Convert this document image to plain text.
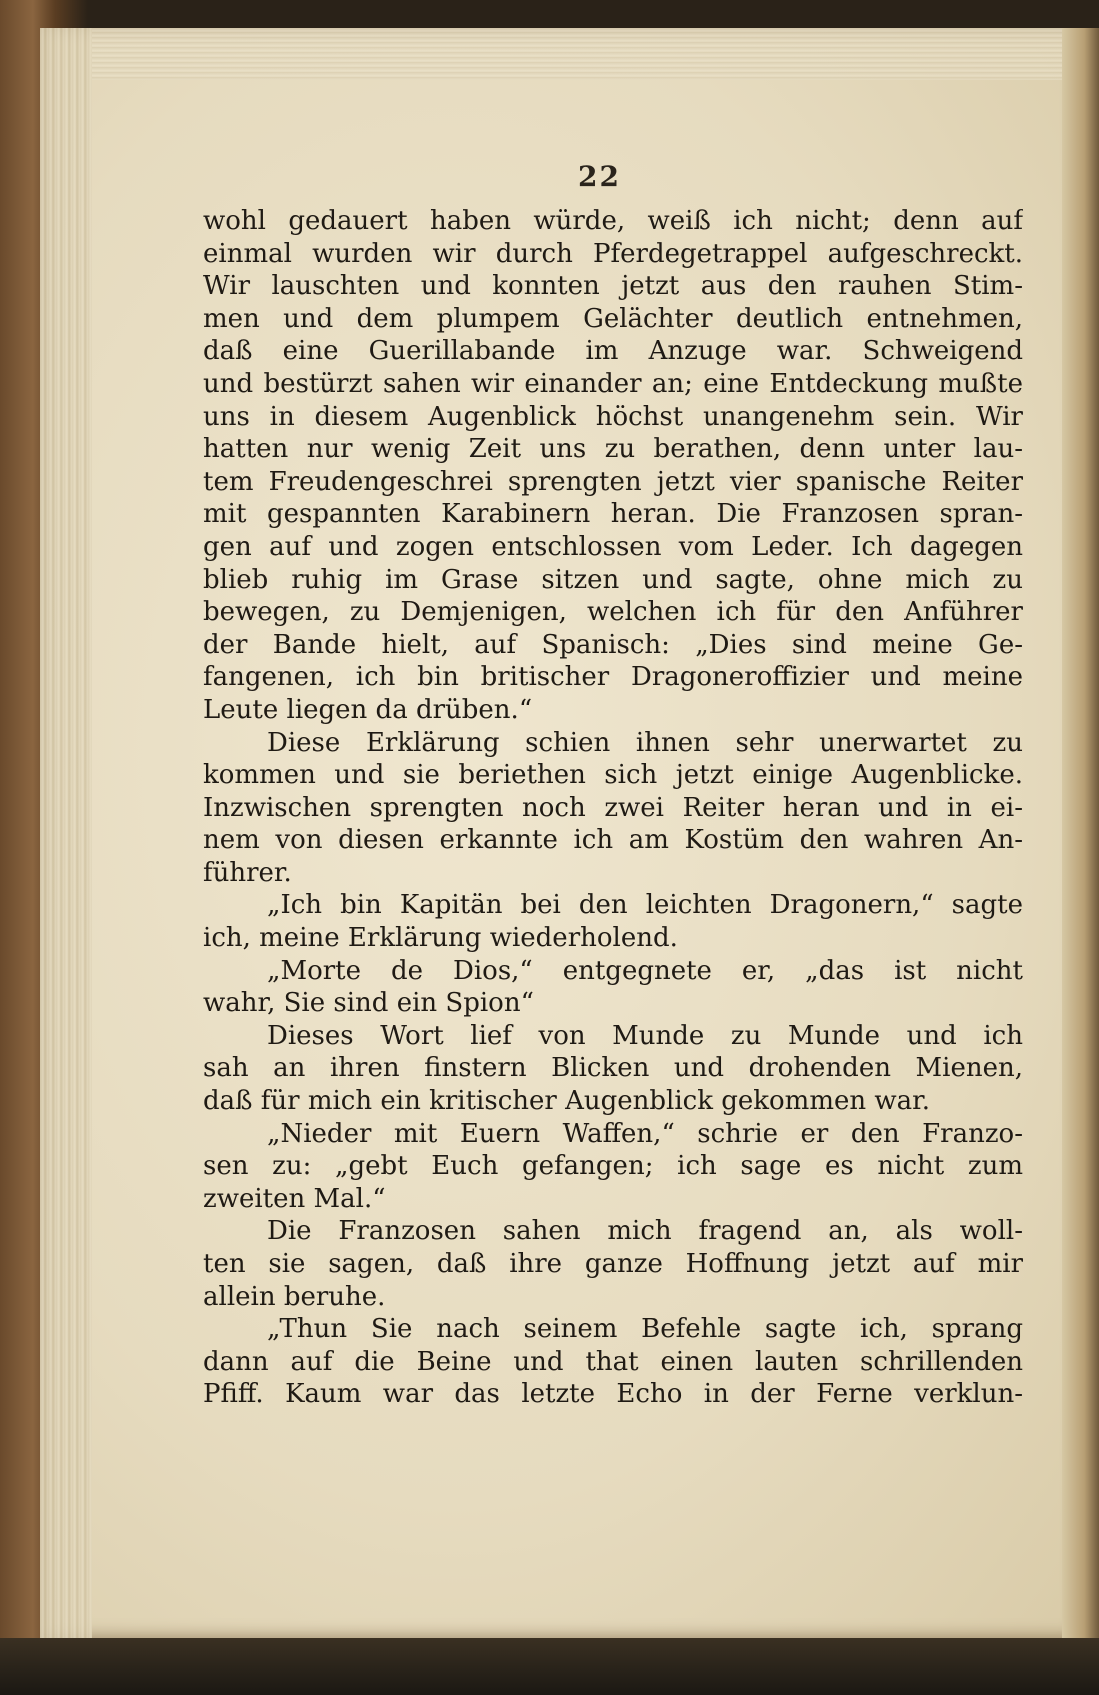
22
wohl gedauert haben würde, weiß ich nicht; denn auf
einmal wurden wir durch Pferdegetrappel aufgeschreckt.
Wir lauschten und konnten jetzt aus den rauhen Stim-
men und dem plumpem Gelächter deutlich entnehmen,
daß eine Guerillabande im Anzuge war. Schweigend
und bestürzt sahen wir einander an; eine Entdeckung mußte
uns in diesem Augenblick höchst unangenehm sein. Wir
hatten nur wenig Zeit uns zu berathen, denn unter lau-
tem Freudengeschrei sprengten jetzt vier spanische Reiter
mit gespannten Karabinern heran. Die Franzosen spran-
gen auf und zogen entschlossen vom Leder. Ich dagegen
blieb ruhig im Grase sitzen und sagte, ohne mich zu
bewegen, zu Demjenigen, welchen ich für den Anführer
der Bande hielt, auf Spanisch: „Dies sind meine Ge-
fangenen, ich bin britischer Dragoneroffizier und meine
Leute liegen da drüben.“
Diese Erklärung schien ihnen sehr unerwartet zu
kommen und sie beriethen sich jetzt einige Augenblicke.
Inzwischen sprengten noch zwei Reiter heran und in ei-
nem von diesen erkannte ich am Kostüm den wahren An-
führer.
„Ich bin Kapitän bei den leichten Dragonern,“ sagte
ich, meine Erklärung wiederholend.
„Morte de Dios,“ entgegnete er, „das ist nicht
wahr, Sie sind ein Spion“
Dieses Wort lief von Munde zu Munde und ich
sah an ihren finstern Blicken und drohenden Mienen,
daß für mich ein kritischer Augenblick gekommen war.
„Nieder mit Euern Waffen,“ schrie er den Franzo-
sen zu: „gebt Euch gefangen; ich sage es nicht zum
zweiten Mal.“
Die Franzosen sahen mich fragend an, als woll-
ten sie sagen, daß ihre ganze Hoffnung jetzt auf mir
allein beruhe.
„Thun Sie nach seinem Befehle sagte ich, sprang
dann auf die Beine und that einen lauten schrillenden
Pfiff. Kaum war das letzte Echo in der Ferne verklun-
